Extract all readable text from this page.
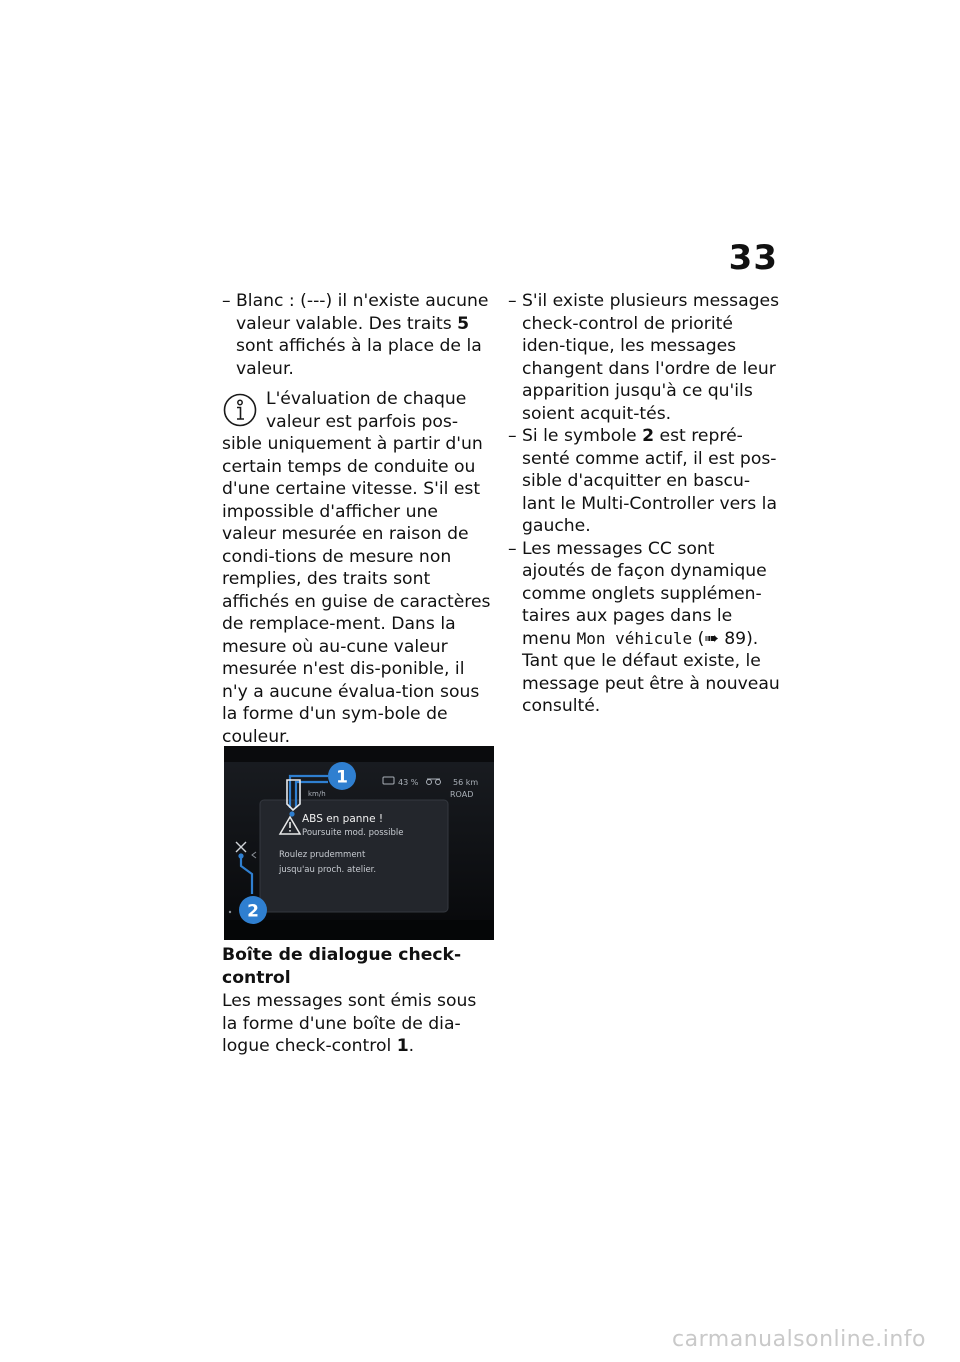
33
– Blanc : (---) il n'existe aucune valeur valable. Des traits 5 sont affichés à la place de la valeur.
L'évaluation de chaque valeur est parfois pos-
sible uniquement à partir d'un certain temps de conduite ou d'une certaine vitesse. S'il est impossible d'afficher une valeur mesurée en raison de condi-tions de mesure non remplies, des traits sont affichés en guise de caractères de remplace-ment. Dans la mesure où au-cune valeur mesurée n'est dis-ponible, il n'y a aucune évalua-tion sous la forme d'un sym-bole de couleur.
km/h
43 %	56 km
ROAD
ABS en panne !
Poursuite mod. possible
Roulez prudemment
jusqu'au proch. atelier.
1
2
Boîte de dialogue check-control
Les messages sont émis sous la forme d'une boîte de dia-logue check-control 1.
– S'il existe plusieurs messages check-control de priorité iden-tique, les messages changent dans l'ordre de leur apparition jusqu'à ce qu'ils soient acquit-tés.
– Si le symbole 2 est repré-senté comme actif, il est pos-sible d'acquitter en bascu-lant le Multi-Controller vers la gauche.
– Les messages CC sont ajoutés de façon dynamique comme onglets supplémen-taires aux pages dans le menu Mon véhicule (➠ 89). Tant que le défaut existe, le message peut être à nouveau consulté.
carmanualsonline.info
